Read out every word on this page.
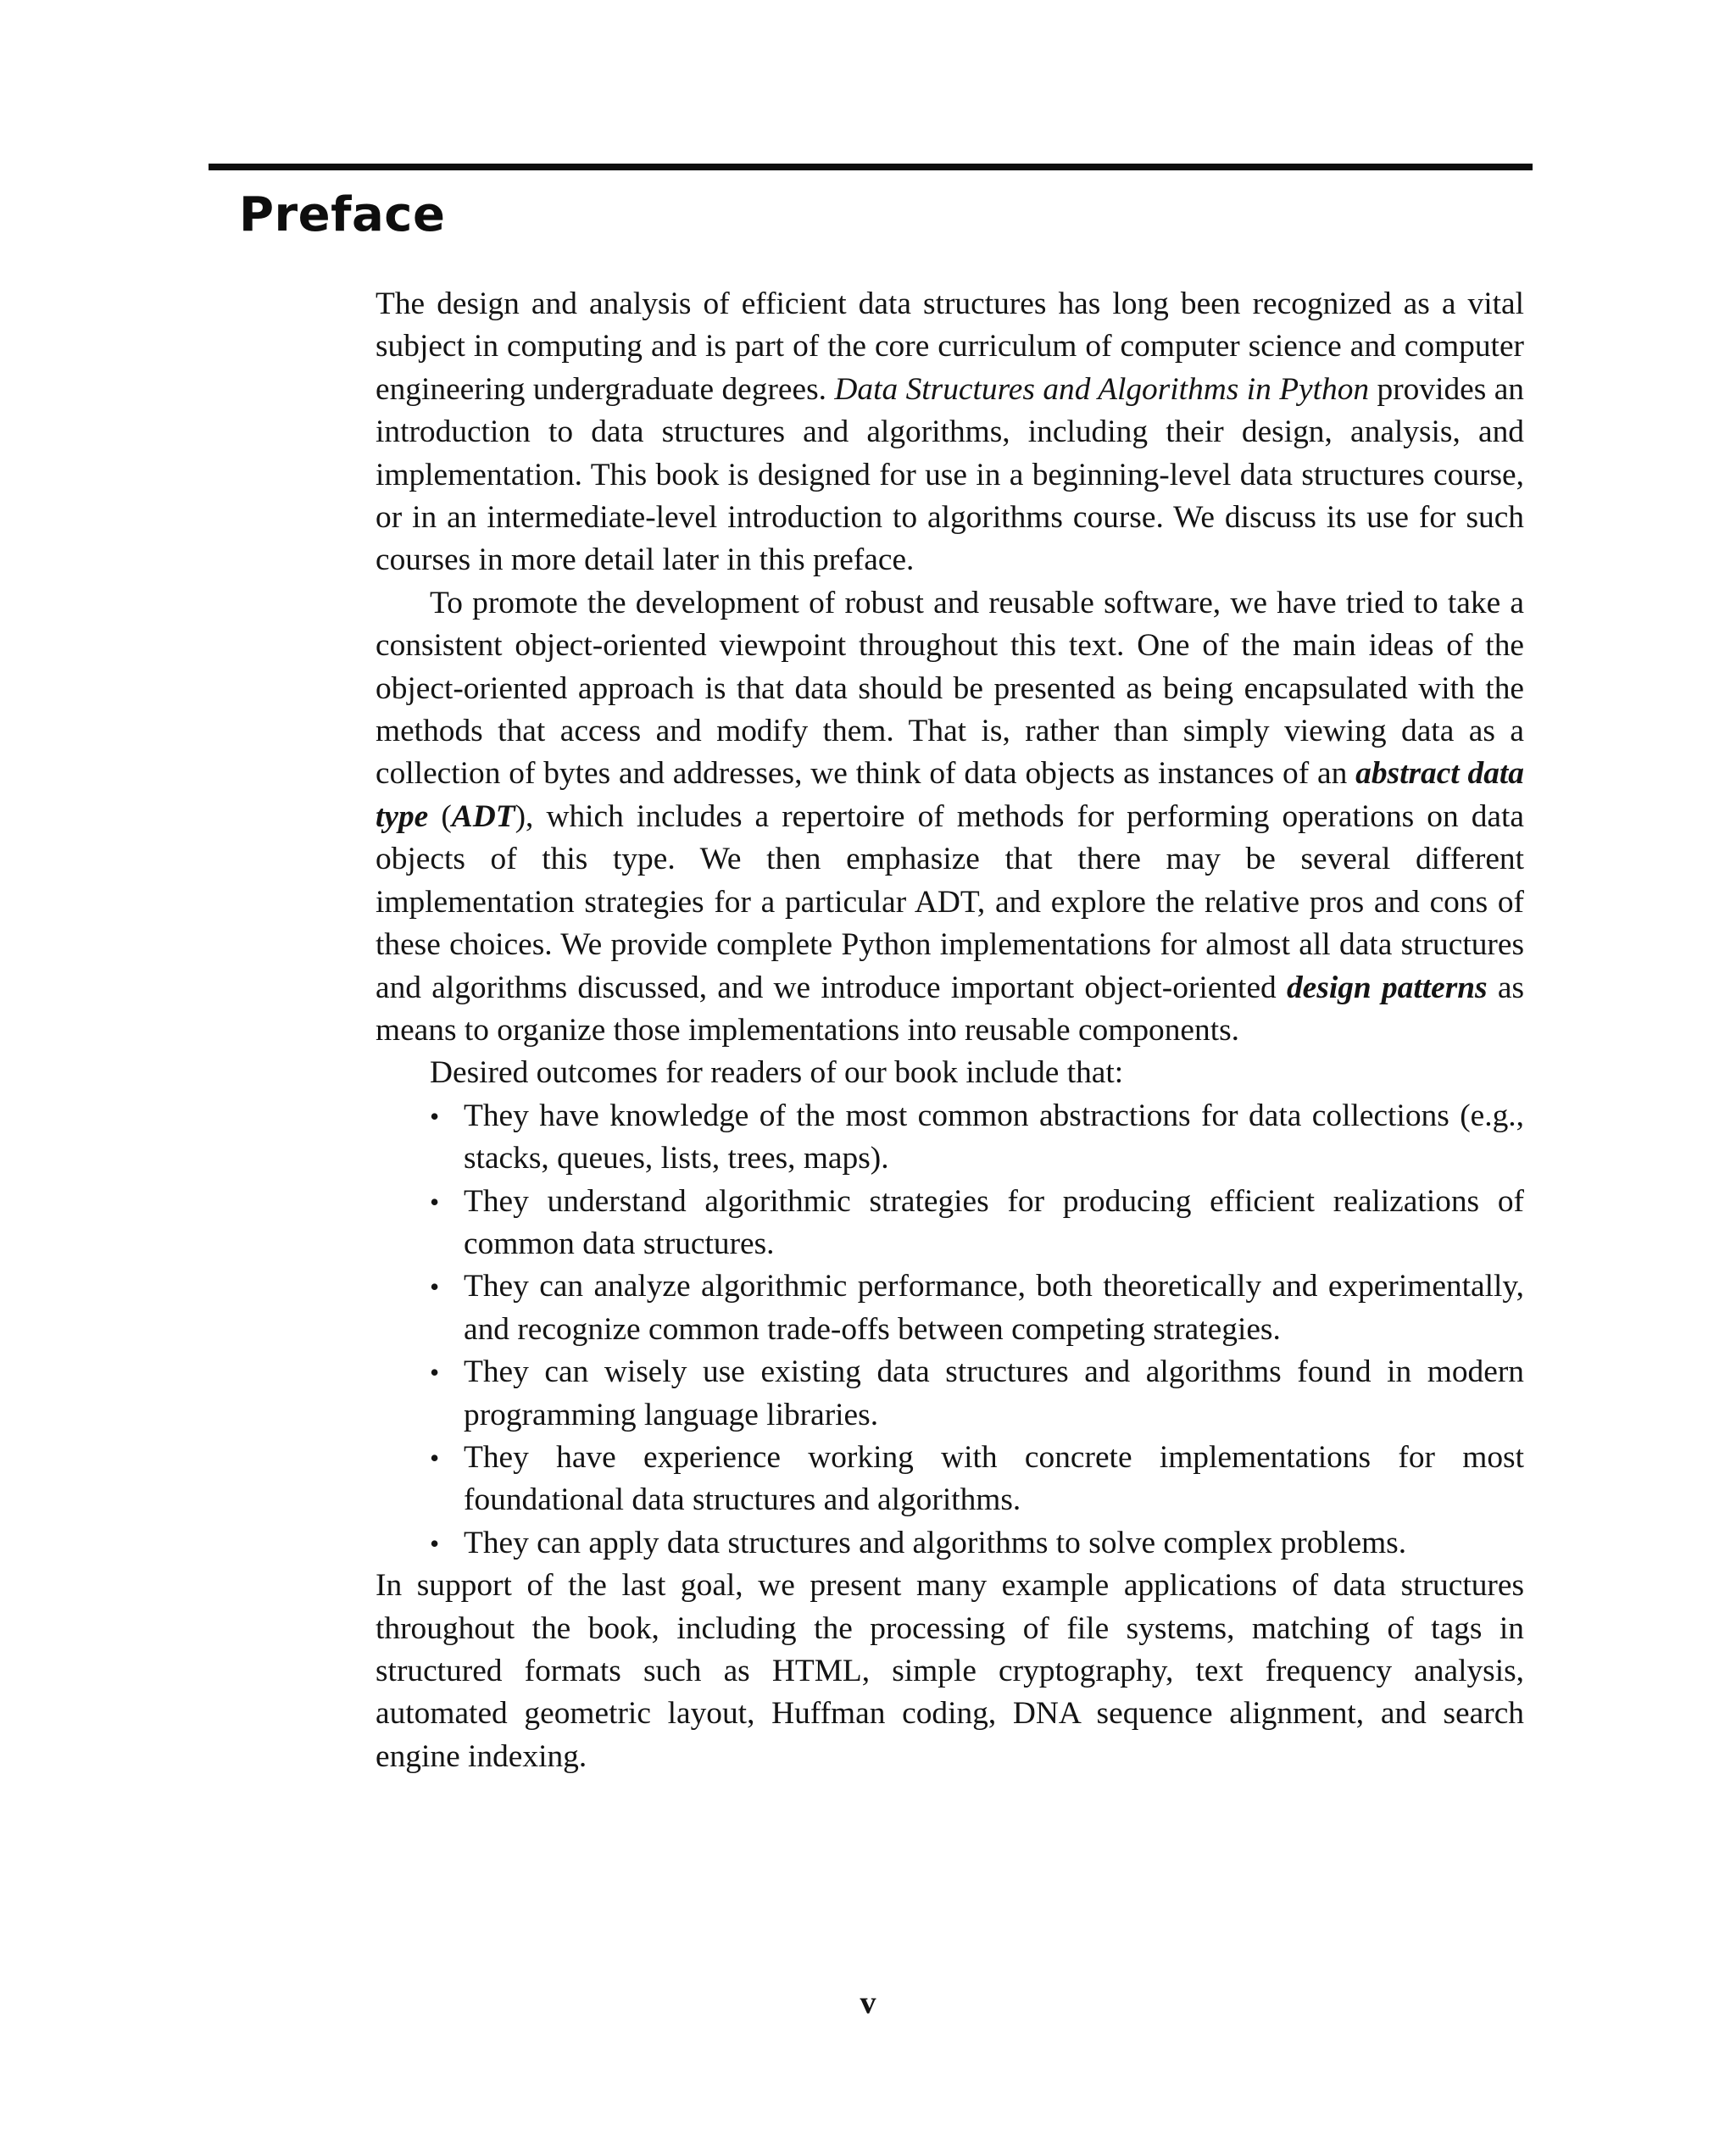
Preface

The design and analysis of efficient data structures has long been recognized as a vital subject in computing and is part of the core curriculum of computer science and computer engineering undergraduate degrees. Data Structures and Algorithms in Python provides an introduction to data structures and algorithms, including their design, analysis, and implementation. This book is designed for use in a beginning-level data structures course, or in an intermediate-level introduction to algorithms course. We discuss its use for such courses in more detail later in this preface.

To promote the development of robust and reusable software, we have tried to take a consistent object-oriented viewpoint throughout this text. One of the main ideas of the object-oriented approach is that data should be presented as being encapsulated with the methods that access and modify them. That is, rather than simply viewing data as a collection of bytes and addresses, we think of data objects as instances of an abstract data type (ADT), which includes a repertoire of methods for performing operations on data objects of this type. We then emphasize that there may be several different implementation strategies for a particular ADT, and explore the relative pros and cons of these choices. We provide complete Python implementations for almost all data structures and algorithms discussed, and we introduce important object-oriented design patterns as means to organize those implementations into reusable components.

Desired outcomes for readers of our book include that:

• They have knowledge of the most common abstractions for data collections (e.g., stacks, queues, lists, trees, maps).
• They understand algorithmic strategies for producing efficient realizations of common data structures.
• They can analyze algorithmic performance, both theoretically and experimentally, and recognize common trade-offs between competing strategies.
• They can wisely use existing data structures and algorithms found in modern programming language libraries.
• They have experience working with concrete implementations for most foundational data structures and algorithms.
• They can apply data structures and algorithms to solve complex problems.

In support of the last goal, we present many example applications of data structures throughout the book, including the processing of file systems, matching of tags in structured formats such as HTML, simple cryptography, text frequency analysis, automated geometric layout, Huffman coding, DNA sequence alignment, and search engine indexing.

v
